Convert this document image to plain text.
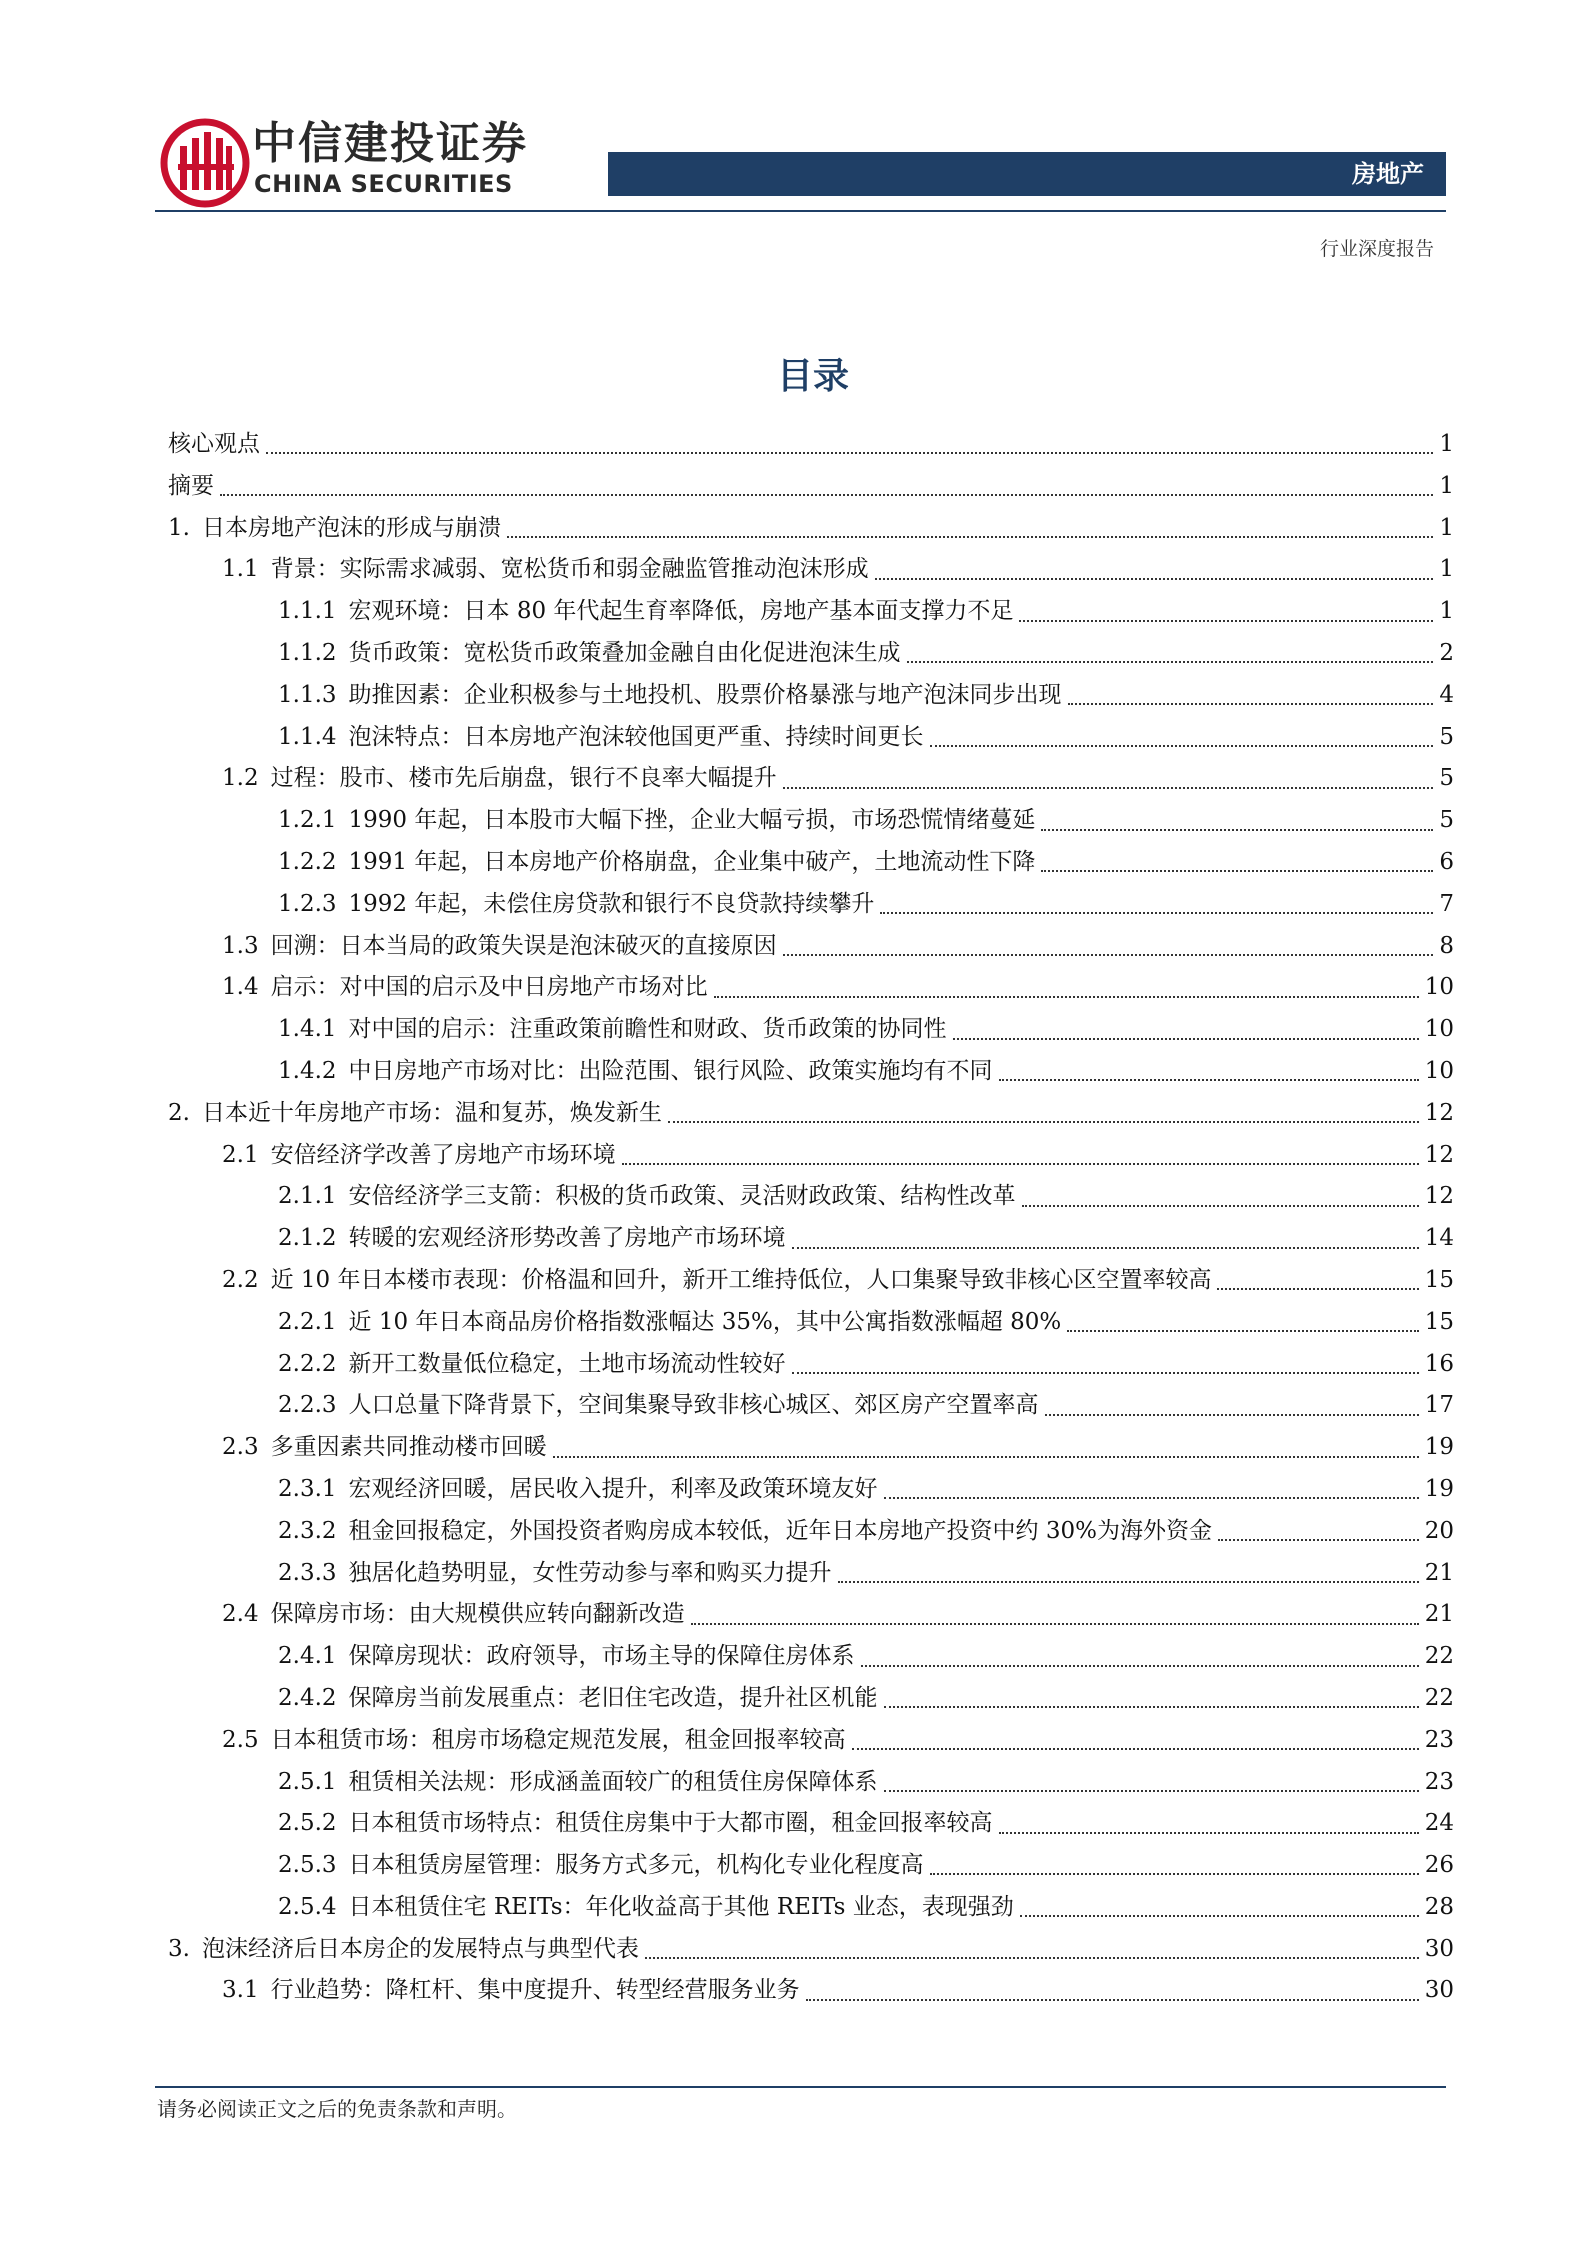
中信建投证券
CHINA SECURITIES	房地产
行业深度报告
目录
核心观点	1
摘要	1
1. 日本房地产泡沫的形成与崩溃	1
1.1 背景：实际需求减弱、宽松货币和弱金融监管推动泡沫形成	1
1.1.1 宏观环境：日本 80 年代起生育率降低，房地产基本面支撑力不足	1
1.1.2 货币政策：宽松货币政策叠加金融自由化促进泡沫生成	2
1.1.3 助推因素：企业积极参与土地投机、股票价格暴涨与地产泡沫同步出现	4
1.1.4 泡沫特点：日本房地产泡沫较他国更严重、持续时间更长	5
1.2 过程：股市、楼市先后崩盘，银行不良率大幅提升	5
1.2.1 1990 年起，日本股市大幅下挫，企业大幅亏损，市场恐慌情绪蔓延	5
1.2.2 1991 年起，日本房地产价格崩盘，企业集中破产，土地流动性下降	6
1.2.3 1992 年起，未偿住房贷款和银行不良贷款持续攀升	7
1.3 回溯：日本当局的政策失误是泡沫破灭的直接原因	8
1.4 启示：对中国的启示及中日房地产市场对比	10
1.4.1 对中国的启示：注重政策前瞻性和财政、货币政策的协同性	10
1.4.2 中日房地产市场对比：出险范围、银行风险、政策实施均有不同	10
2. 日本近十年房地产市场：温和复苏，焕发新生	12
2.1 安倍经济学改善了房地产市场环境	12
2.1.1 安倍经济学三支箭：积极的货币政策、灵活财政政策、结构性改革	12
2.1.2 转暖的宏观经济形势改善了房地产市场环境	14
2.2 近 10 年日本楼市表现：价格温和回升，新开工维持低位，人口集聚导致非核心区空置率较高	15
2.2.1 近 10 年日本商品房价格指数涨幅达 35%，其中公寓指数涨幅超 80%	15
2.2.2 新开工数量低位稳定，土地市场流动性较好	16
2.2.3 人口总量下降背景下，空间集聚导致非核心城区、郊区房产空置率高	17
2.3 多重因素共同推动楼市回暖	19
2.3.1 宏观经济回暖，居民收入提升，利率及政策环境友好	19
2.3.2 租金回报稳定，外国投资者购房成本较低，近年日本房地产投资中约 30%为海外资金	20
2.3.3 独居化趋势明显，女性劳动参与率和购买力提升	21
2.4 保障房市场：由大规模供应转向翻新改造	21
2.4.1 保障房现状：政府领导，市场主导的保障住房体系	22
2.4.2 保障房当前发展重点：老旧住宅改造，提升社区机能	22
2.5 日本租赁市场：租房市场稳定规范发展，租金回报率较高	23
2.5.1 租赁相关法规：形成涵盖面较广的租赁住房保障体系	23
2.5.2 日本租赁市场特点：租赁住房集中于大都市圈，租金回报率较高	24
2.5.3 日本租赁房屋管理：服务方式多元，机构化专业化程度高	26
2.5.4 日本租赁住宅 REITs：年化收益高于其他 REITs 业态，表现强劲	28
3. 泡沫经济后日本房企的发展特点与典型代表	30
3.1 行业趋势：降杠杆、集中度提升、转型经营服务业务	30
请务必阅读正文之后的免责条款和声明。
